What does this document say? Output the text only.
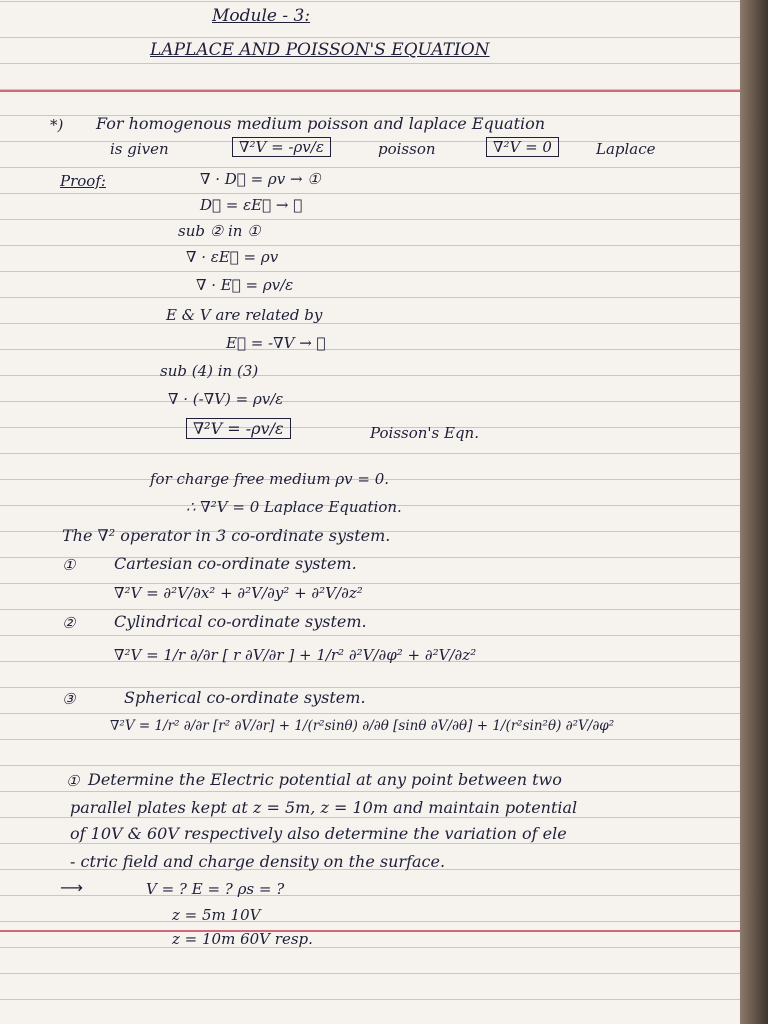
Module - 3:
LAPLACE AND POISSON'S EQUATION
*) For homogenous medium poisson and laplace Equation
is given	∇²V = -ρv/ε	poisson	∇²V = 0	Laplace
Proof:	∇ · D⃗ = ρv → ①
D⃗ = εE⃗ → ②
sub ② in ①
∇ · εE⃗ = ρv
∇ · E⃗ = ρv/ε
E & V are related by
E⃗ = -∇V → ④
sub (4) in (3)
∇ · (-∇V) = ρv/ε
∇²V = -ρv/ε	Poisson's Eqn.
for charge free medium ρv = 0.
∴ ∇²V = 0 Laplace Equation.
The ∇² operator in 3 co-ordinate system.
① Cartesian co-ordinate system.
∇²V = ∂²V/∂x² + ∂²V/∂y² + ∂²V/∂z²
② Cylindrical co-ordinate system.
∇²V = 1/r ∂/∂r [ r ∂V/∂r ] + 1/r² ∂²V/∂φ² + ∂²V/∂z²
③	Spherical co-ordinate system.
∇²V = 1/r² ∂/∂r [r² ∂V/∂r] + 1/(r²sinθ) ∂/∂θ [sinθ ∂V/∂θ] + 1/(r²sin²θ) ∂²V/∂φ²
① Determine the Electric potential at any point between two
parallel plates kept at z = 5m, z = 10m and maintain potential
of 10V & 60V respectively also determine the variation of ele
- ctric field and charge density on the surface.
⟶	V = ? E = ? ρs = ?
z = 5m 10V
z = 10m 60V resp.
